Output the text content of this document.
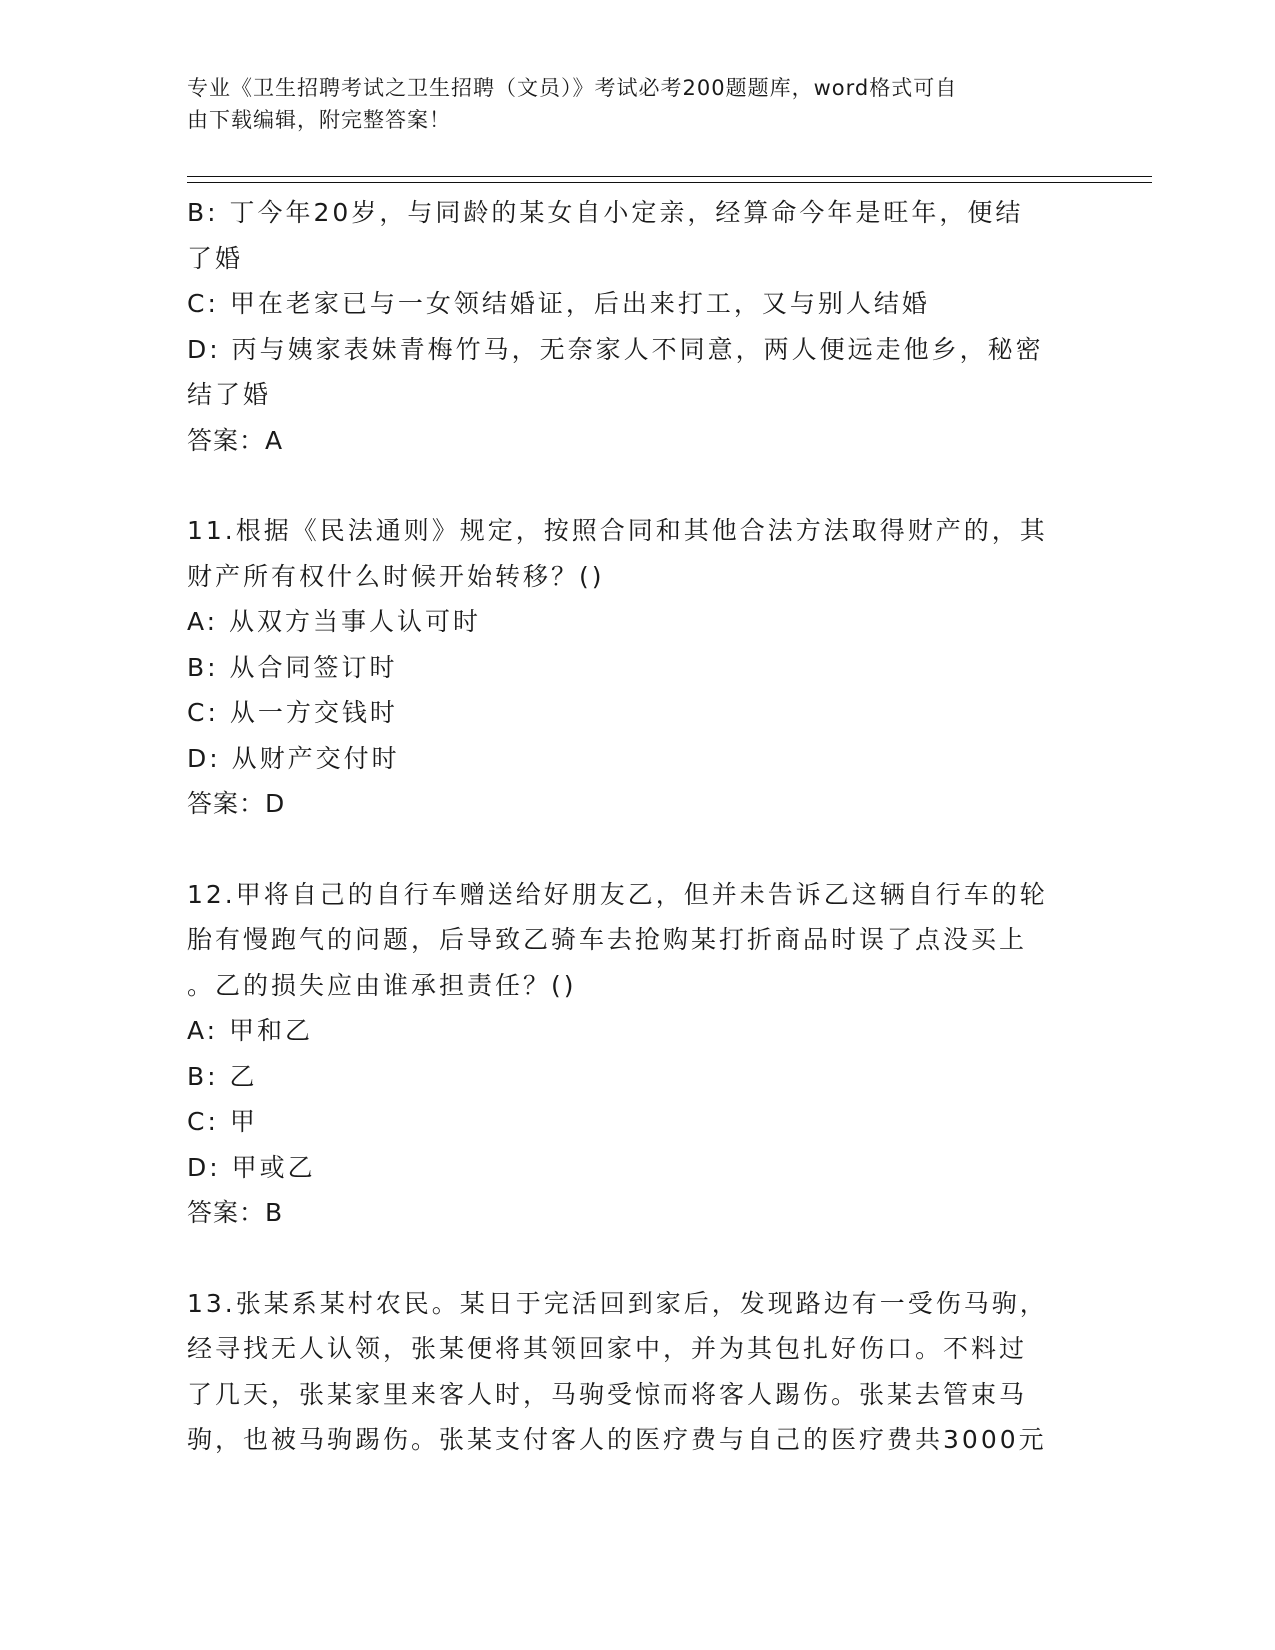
专业《卫生招聘考试之卫生招聘（文员）》考试必考200题题库，word格式可自
由下载编辑，附完整答案！
B: 丁今年20岁，与同龄的某女自小定亲，经算命今年是旺年，便结
了婚
C: 甲在老家已与一女领结婚证，后出来打工，又与别人结婚
D: 丙与姨家表妹青梅竹马，无奈家人不同意，两人便远走他乡，秘密
结了婚
答案：A
11.根据《民法通则》规定，按照合同和其他合法方法取得财产的，其
财产所有权什么时候开始转移？()
A: 从双方当事人认可时
B: 从合同签订时
C: 从一方交钱时
D: 从财产交付时
答案：D
12.甲将自己的自行车赠送给好朋友乙，但并未告诉乙这辆自行车的轮
胎有慢跑气的问题，后导致乙骑车去抢购某打折商品时误了点没买上
。乙的损失应由谁承担责任？()
A: 甲和乙
B: 乙
C: 甲
D: 甲或乙
答案：B
13.张某系某村农民。某日于完活回到家后，发现路边有一受伤马驹，
经寻找无人认领，张某便将其领回家中，并为其包扎好伤口。不料过
了几天，张某家里来客人时，马驹受惊而将客人踢伤。张某去管束马
驹，也被马驹踢伤。张某支付客人的医疗费与自己的医疗费共3000元
